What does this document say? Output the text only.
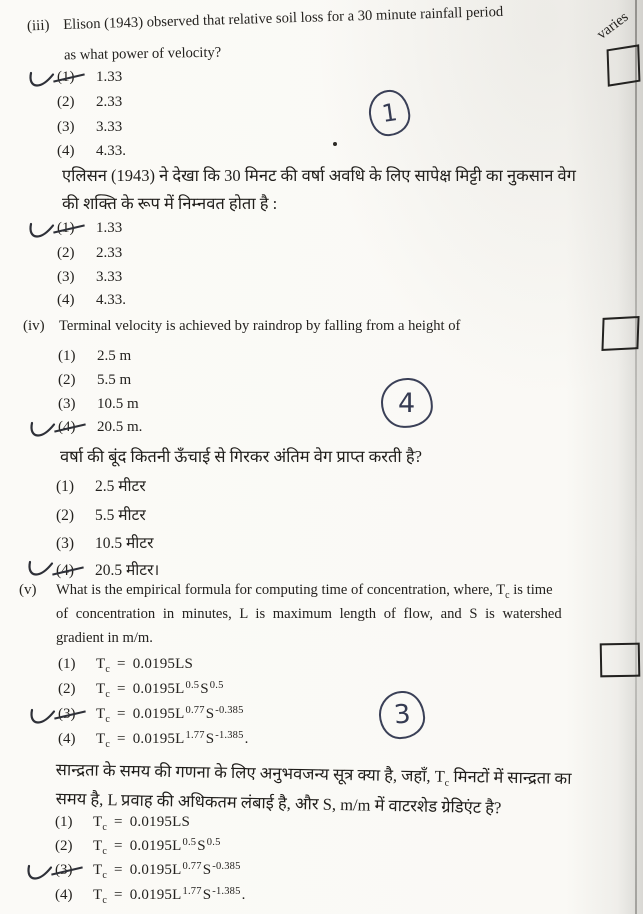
(iii) Elison (1943) observed that relative soil loss for a 30 minute rainfall period	varies
as what power of velocity?
(1)	1.33
(2)	2.33
(3)	3.33
(4)	4.33.
1
एलिसन (1943) ने देखा कि 30 मिनट की वर्षा अवधि के लिए सापेक्ष मिट्टी का नुकसान वेग
की शक्ति के रूप में निम्नवत होता है :
(1)	1.33
(2)	2.33
(3)	3.33
(4)	4.33.
(iv) Terminal velocity is achieved by raindrop by falling from a height of
(1)	2.5 m
(2)	5.5 m
(3)	10.5 m
(4)	20.5 m.
4
वर्षा की बूंद कितनी ऊँचाई से गिरकर अंतिम वेग प्राप्त करती है?
(1)	2.5 मीटर
(2)	5.5 मीटर
(3)	10.5 मीटर
(4)	20.5 मीटर।
(v) What is the empirical formula for computing time of concentration, where, $T_c$ is time
of concentration in minutes, L is maximum length of flow, and S is watershed
gradient in m/m.
(1)	$T_c = 0.0195LS$
(2)	$T_c = 0.0195L^{0.5}S^{0.5}$
(3)	$T_c = 0.0195L^{0.77}S^{-0.385}$
(4)	$T_c = 0.0195L^{1.77}S^{-1.385}$.
3
सान्द्रता के समय की गणना के लिए अनुभवजन्य सूत्र क्या है, जहाँ, $T_c$ मिनटों में सान्द्रता का
समय है, L प्रवाह की अधिकतम लंबाई है, और S, m/m में वाटरशेड ग्रेडिएंट है?
(1)	$T_c = 0.0195LS$
(2)	$T_c = 0.0195L^{0.5}S^{0.5}$
(3)	$T_c = 0.0195L^{0.77}S^{-0.385}$
(4)	$T_c = 0.0195L^{1.77}S^{-1.385}$.
